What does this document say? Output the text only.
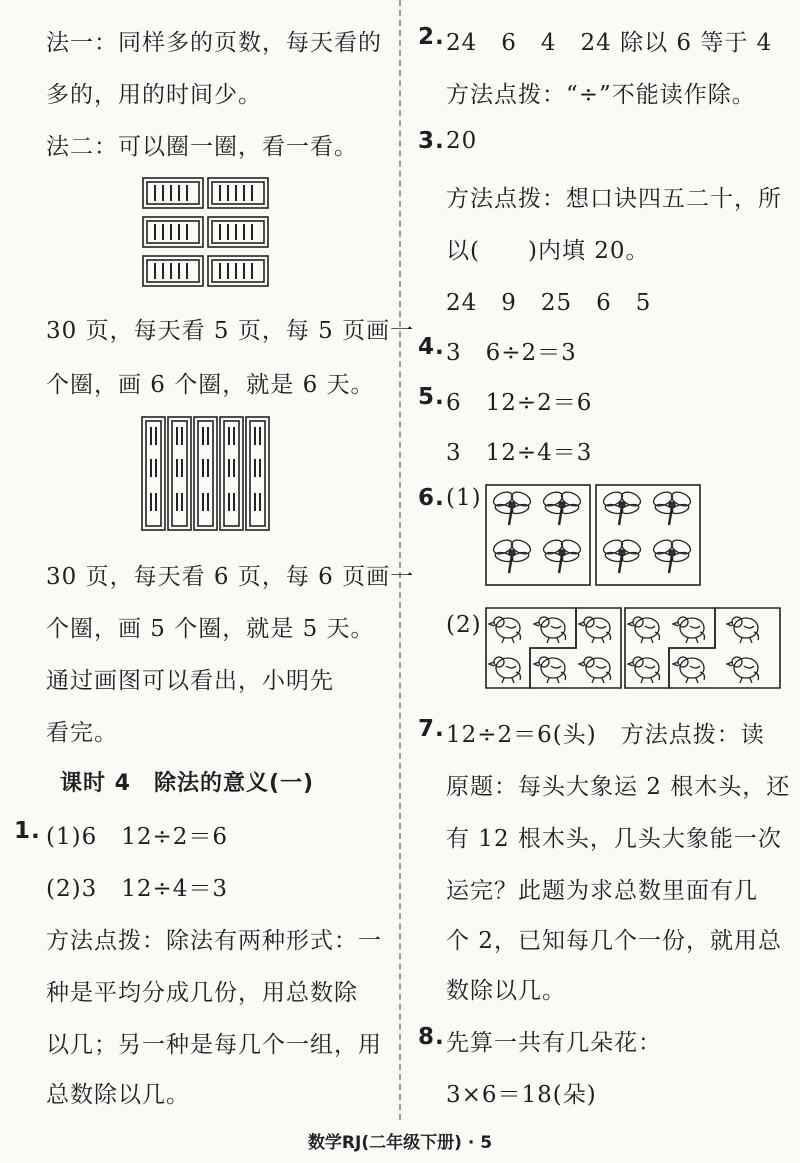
法一：同样多的页数，每天看的
多的，用的时间少。
法二：可以圈一圈，看一看。
30 页，每天看 5 页，每 5 页画一
个圈，画 6 个圈，就是 6 天。
30 页，每天看 6 页，每 6 页画一
个圈，画 5 个圈，就是 5 天。
通过画图可以看出，小明先
看完。
课时 4　除法的意义(一)
1. (1)6　12÷2＝6
(2)3　12÷4＝3
方法点拨：除法有两种形式：一
种是平均分成几份，用总数除
以几；另一种是每几个一组，用
总数除以几。
2. 24　6　4　24 除以 6 等于 4
方法点拨：“÷”不能读作除。
3. 20
方法点拨：想口诀四五二十，所
以(　　)内填 20。
24　9　25　6　5
4. 3　6÷2＝3
5. 6　12÷2＝6
3　12÷4＝3
6. (1)
(2)
7. 12÷2＝6(头)　方法点拨：读
原题：每头大象运 2 根木头，还
有 12 根木头，几头大象能一次
运完？此题为求总数里面有几
个 2，已知每几个一份，就用总
数除以几。
8. 先算一共有几朵花：
3×6＝18(朵)
数学RJ(二年级下册) · 5
